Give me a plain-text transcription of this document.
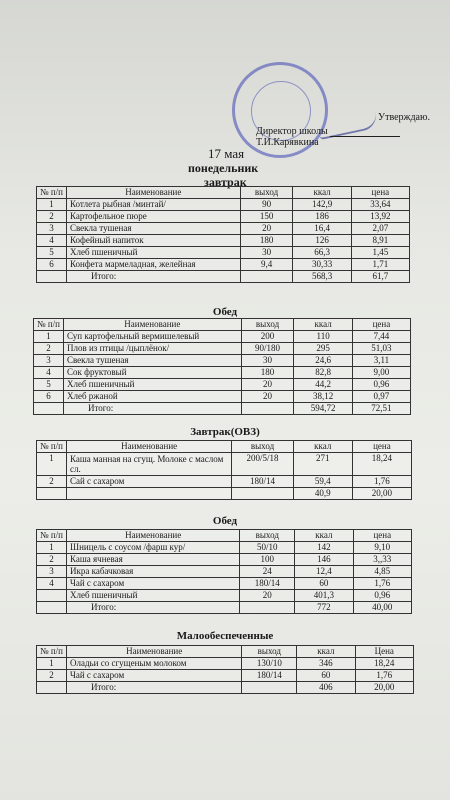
Утверждаю.
Директор школыТ.И.Карявкина
17 мая
понедельник
завтрак
№ п/п	Наименование	выход	ккал	цена
1	Котлета рыбная /минтай/	90	142,9	33,64
2	Картофельное пюре	150	186	13,92
3	Свекла тушеная	20	16,4	2,07
4	Кофейный напиток	180	126	8,91
5	Хлеб пшеничный	30	66,3	1,45
6	Конфета мармеладная, желейная	9,4	30,33	1,71
	Итого:		568,3	61,7
Обед
№ п/п	Наименование	выход	ккал	цена
1	Суп картофельный вермишелевый	200	110	7,44
2	Плов из птицы /цыплёнок/	90/180	295	51,03
3	Свекла тушеная	30	24,6	3,11
4	Сок фруктовый	180	82,8	9,00
5	Хлеб пшеничный	20	44,2	0,96
6	Хлеб ржаной	20	38,12	0,97
	Итого:		594,72	72,51
Завтрак(ОВЗ)
№ п/п	Наименование	выход	ккал	цена
1	Каша манная на сгущ. Молоке с маслом сл.	200/5/18	271	18,24
2	Сай с сахаром	180/14	59,4	1,76
			40,9	20,00
Обед
№ п/п	Наименование	выход	ккал	цена
1	Шницель с соусом /фарш кур/	50/10	142	9,10
2	Каша ячневая	100	146	3,,33
3	Икра кабачковая	24	12,4	4,85
4	Чай с сахаром	180/14	60	1,76
	Хлеб пшеничный	20	401,3	0,96
	Итого:		772	40,00
Малообеспеченные
№ п/п	Наименование	выход	ккал	Цена
1	Оладьи со сгущеным молоком	130/10	346	18,24
2	Чай с сахаром	180/14	60	1,76
	Итого:		406	20,00
